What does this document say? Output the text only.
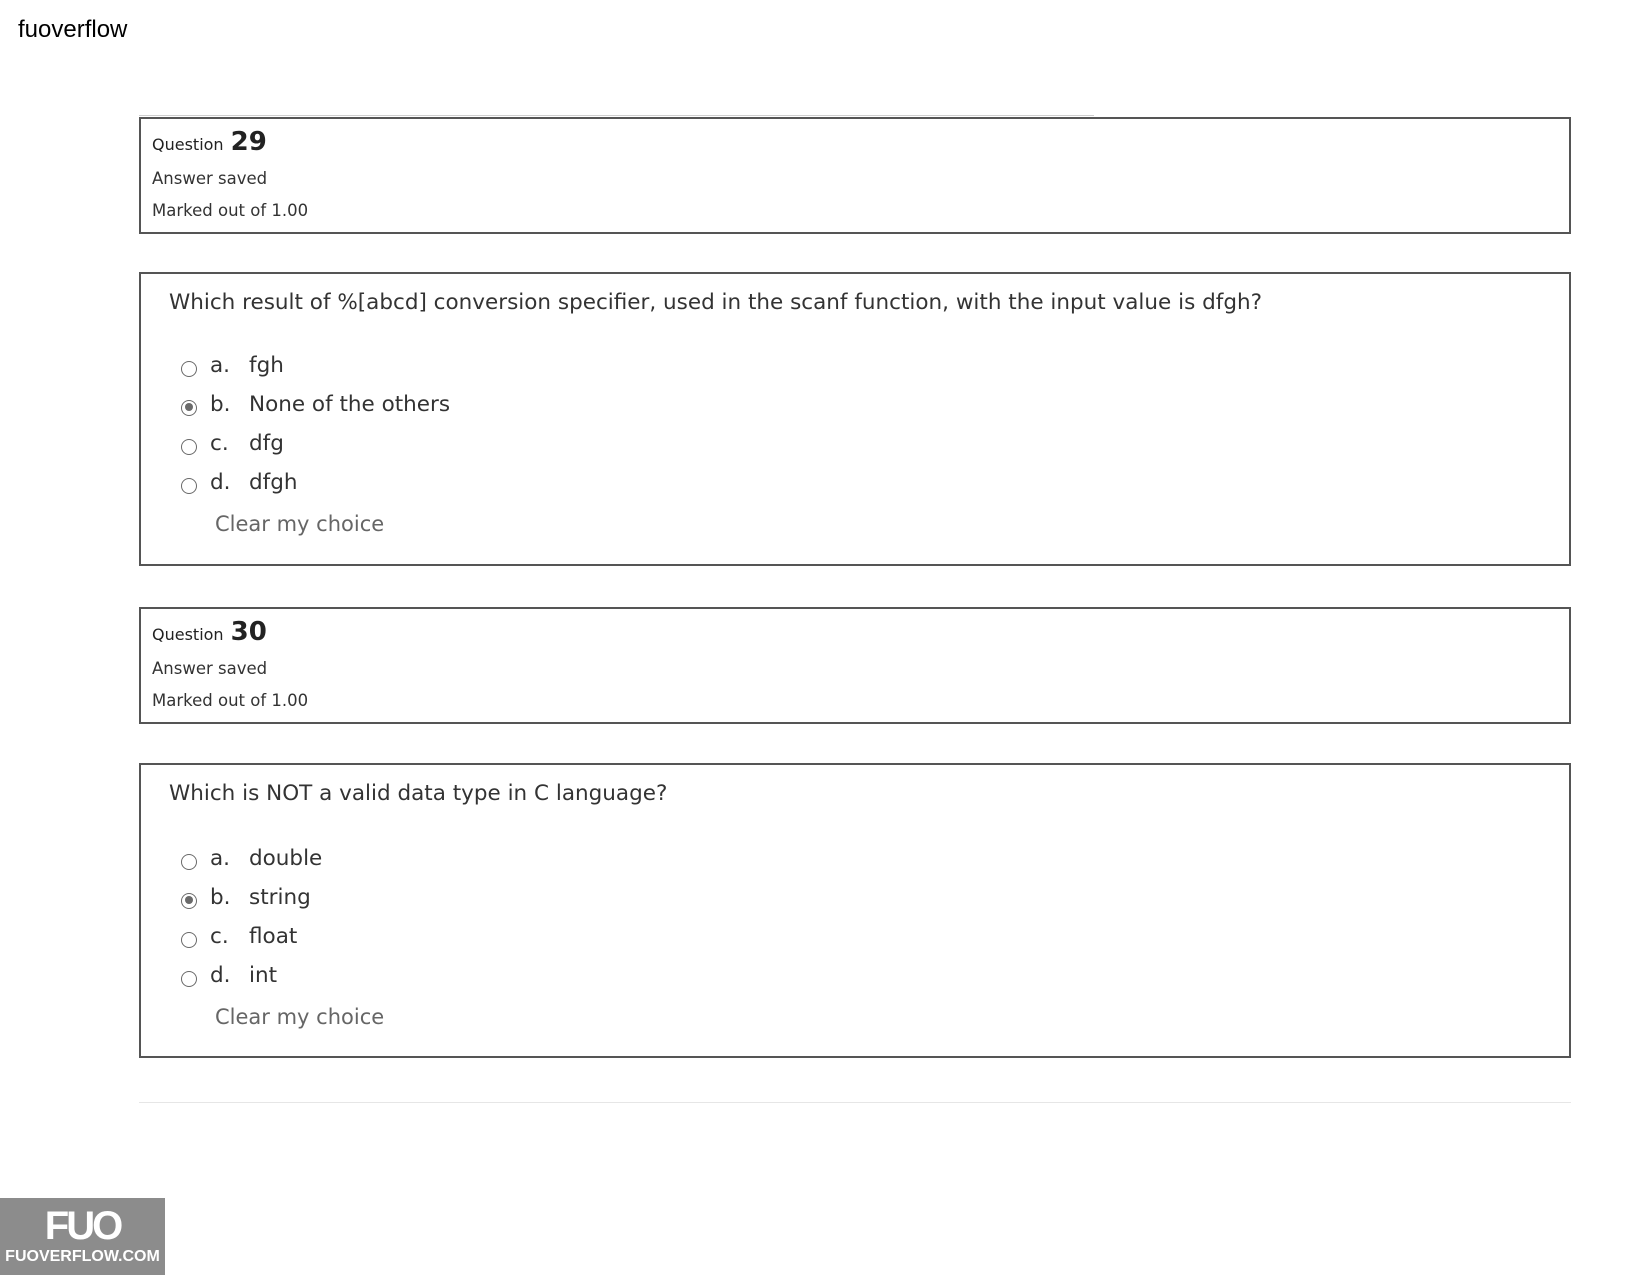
fuoverflow
Question 29
Answer saved
Marked out of 1.00
Which result of %[abcd] conversion specifier, used in the scanf function, with the input value is dfgh?
a. fgh
b. None of the others
c. dfg
d. dfgh
Clear my choice
Question 30
Answer saved
Marked out of 1.00
Which is NOT a valid data type in C language?
a. double
b. string
c. float
d. int
Clear my choice
FUO
FUOVERFLOW.COM
